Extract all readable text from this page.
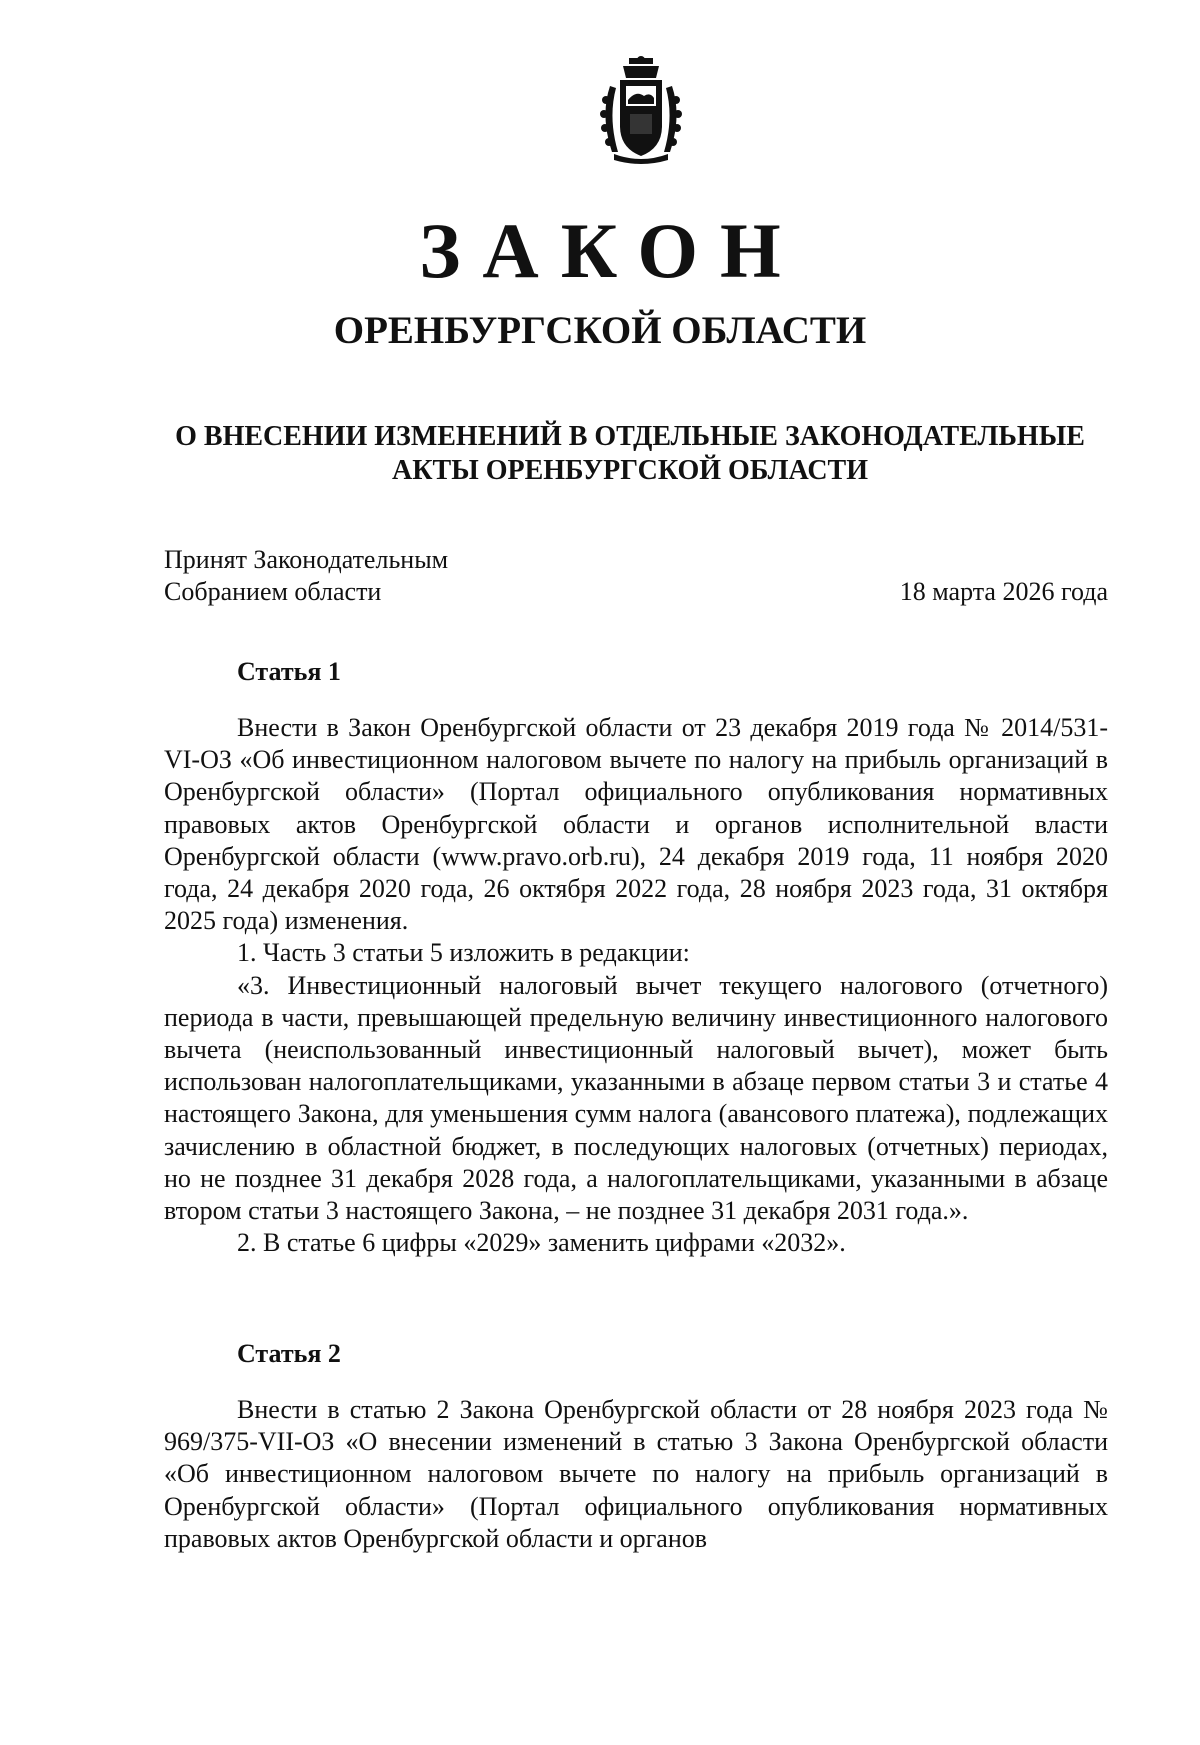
ЗАКОН
ОРЕНБУРГСКОЙ ОБЛАСТИ
О ВНЕСЕНИИ ИЗМЕНЕНИЙ В ОТДЕЛЬНЫЕ ЗАКОНОДАТЕЛЬНЫЕ
АКТЫ ОРЕНБУРГСКОЙ ОБЛАСТИ
Принят Законодательным
Собранием области	18 марта 2026 года
Статья 1

Внести в Закон Оренбургской области от 23 декабря 2019 года № 2014/531-VI-ОЗ «Об инвестиционном налоговом вычете по налогу на прибыль организаций в Оренбургской области» (Портал официального опубликования нормативных правовых актов Оренбургской области и органов исполнительной власти Оренбургской области (www.pravo.orb.ru), 24 декабря 2019 года, 11 ноября 2020 года, 24 декабря 2020 года, 26 октября 2022 года, 28 ноября 2023 года, 31 октября 2025 года) изменения.

1. Часть 3 статьи 5 изложить в редакции:

«3. Инвестиционный налоговый вычет текущего налогового (отчетного) периода в части, превышающей предельную величину инвестиционного налогового вычета (неиспользованный инвестиционный налоговый вычет), может быть использован налогоплательщиками, указанными в абзаце первом статьи 3 и статье 4 настоящего Закона, для уменьшения сумм налога (авансового платежа), подлежащих зачислению в областной бюджет, в последующих налоговых (отчетных) периодах, но не позднее 31 декабря 2028 года, а налогоплательщиками, указанными в абзаце втором статьи 3 настоящего Закона, – не позднее 31 декабря 2031 года.».

2. В статье 6 цифры «2029» заменить цифрами «2032».

Статья 2

Внести в статью 2 Закона Оренбургской области от 28 ноября 2023 года № 969/375-VII-ОЗ «О внесении изменений в статью 3 Закона Оренбургской области «Об инвестиционном налоговом вычете по налогу на прибыль организаций в Оренбургской области» (Портал официального опубликования нормативных правовых актов Оренбургской области и органов
